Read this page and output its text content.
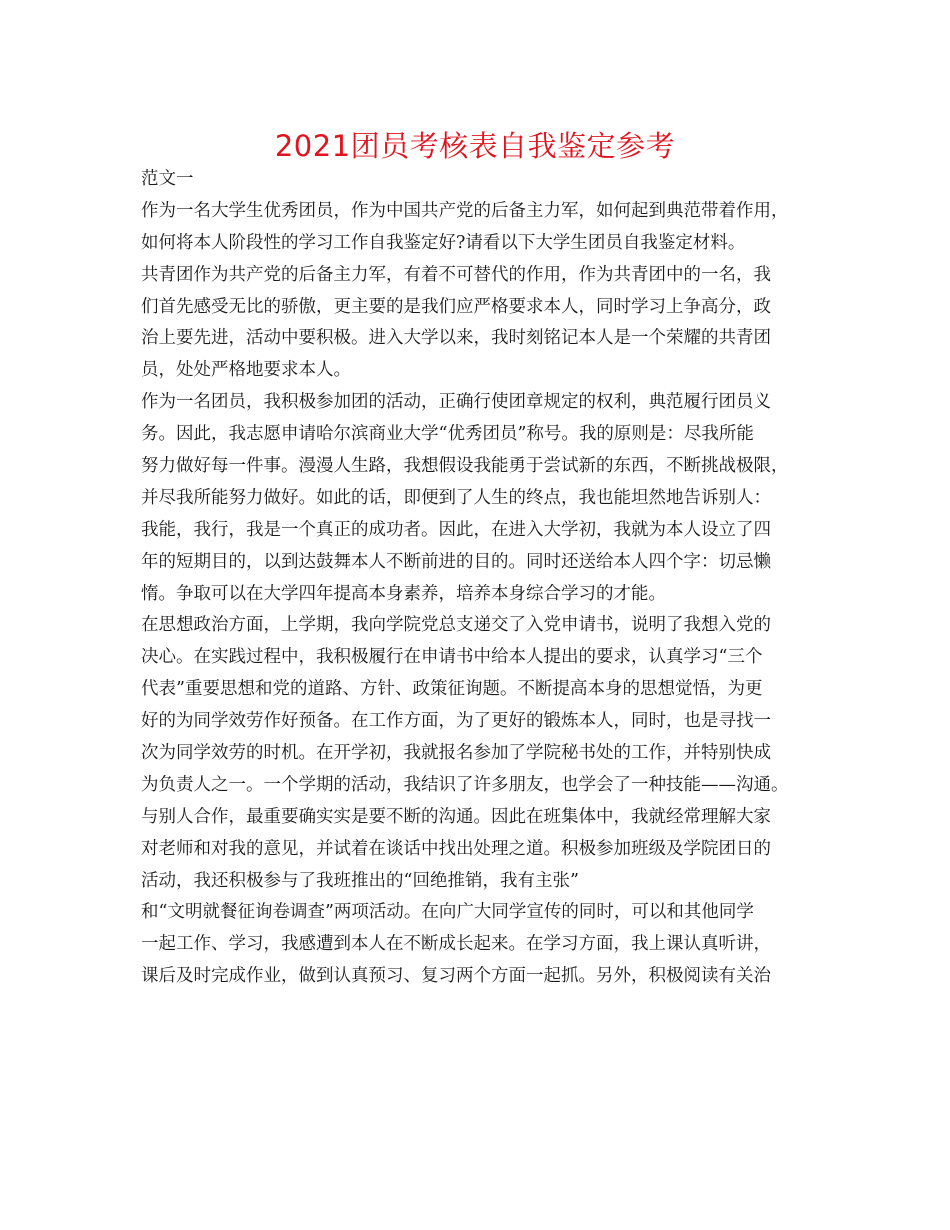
2021团员考核表自我鉴定参考
范文一
作为一名大学生优秀团员，作为中国共产党的后备主力军，如何起到典范带着作用，
如何将本人阶段性的学习工作自我鉴定好?请看以下大学生团员自我鉴定材料。
共青团作为共产党的后备主力军，有着不可替代的作用，作为共青团中的一名，我
们首先感受无比的骄傲，更主要的是我们应严格要求本人，同时学习上争高分，政
治上要先进，活动中要积极。进入大学以来，我时刻铭记本人是一个荣耀的共青团
员，处处严格地要求本人。
作为一名团员，我积极参加团的活动，正确行使团章规定的权利，典范履行团员义
务。因此，我志愿申请哈尔滨商业大学“优秀团员”称号。我的原则是：尽我所能
努力做好每一件事。漫漫人生路，我想假设我能勇于尝试新的东西，不断挑战极限，
并尽我所能努力做好。如此的话，即便到了人生的终点，我也能坦然地告诉别人：
我能，我行，我是一个真正的成功者。因此，在进入大学初，我就为本人设立了四
年的短期目的，以到达鼓舞本人不断前进的目的。同时还送给本人四个字：切忌懒
惰。争取可以在大学四年提高本身素养，培养本身综合学习的才能。
在思想政治方面，上学期，我向学院党总支递交了入党申请书，说明了我想入党的
决心。在实践过程中，我积极履行在申请书中给本人提出的要求，认真学习“三个
代表”重要思想和党的道路、方针、政策征询题。不断提高本身的思想觉悟，为更
好的为同学效劳作好预备。在工作方面，为了更好的锻炼本人，同时，也是寻找一
次为同学效劳的时机。在开学初，我就报名参加了学院秘书处的工作，并特别快成
为负责人之一。一个学期的活动，我结识了许多朋友，也学会了一种技能——沟通。
与别人合作，最重要确实实是要不断的沟通。因此在班集体中，我就经常理解大家
对老师和对我的意见，并试着在谈话中找出处理之道。积极参加班级及学院团日的
活动，我还积极参与了我班推出的“回绝推销，我有主张”
和“文明就餐征询卷调查”两项活动。在向广大同学宣传的同时，可以和其他同学
一起工作、学习，我感遭到本人在不断成长起来。在学习方面，我上课认真听讲，
课后及时完成作业，做到认真预习、复习两个方面一起抓。另外，积极阅读有关治
